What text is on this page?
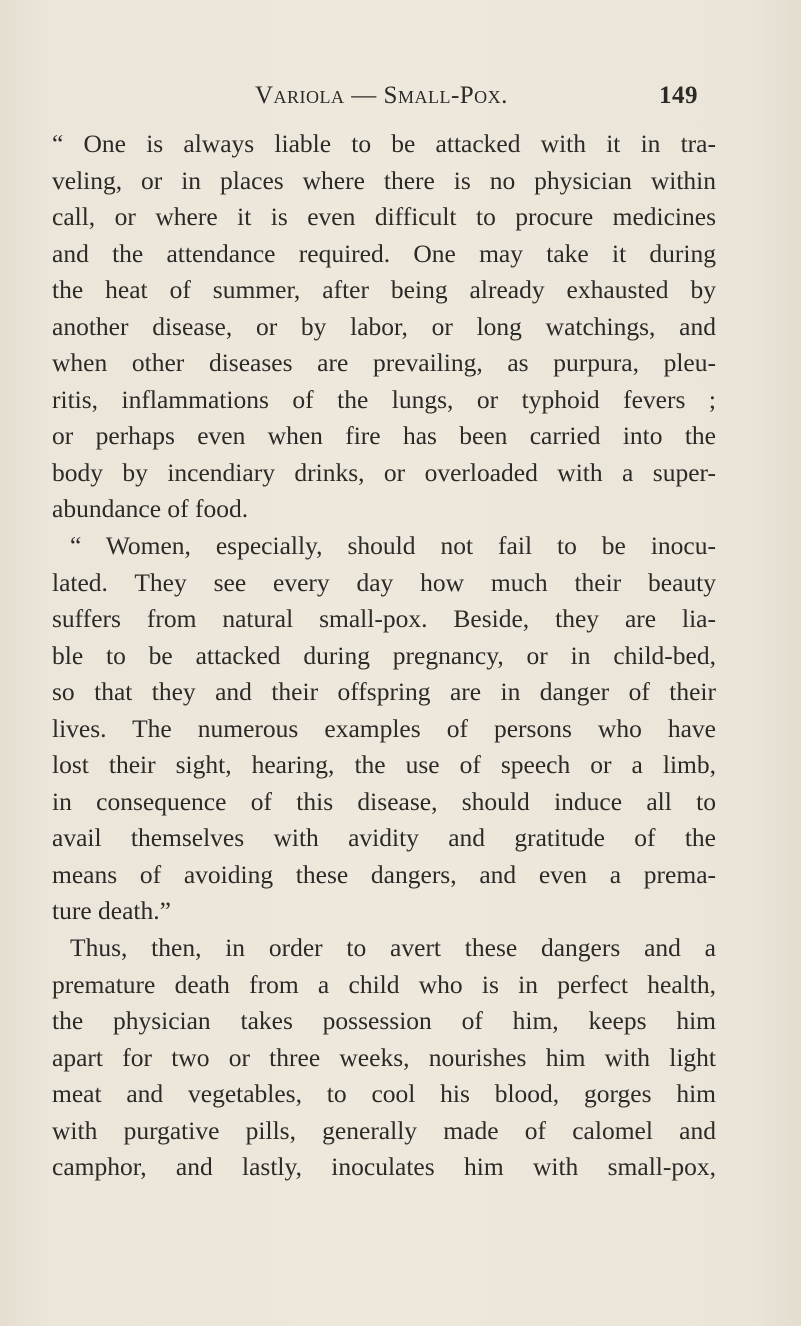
Variola — Small-Pox.	149
“ One is always liable to be attacked with it in tra-
veling, or in places where there is no physician within
call, or where it is even difficult to procure medicines
and the attendance required. One may take it during
the heat of summer, after being already exhausted by
another disease, or by labor, or long watchings, and
when other diseases are prevailing, as purpura, pleu-
ritis, inflammations of the lungs, or typhoid fevers ;
or perhaps even when fire has been carried into the
body by incendiary drinks, or overloaded with a super-
abundance of food.
“ Women, especially, should not fail to be inocu-
lated. They see every day how much their beauty
suffers from natural small-pox. Beside, they are lia-
ble to be attacked during pregnancy, or in child-bed,
so that they and their offspring are in danger of their
lives. The numerous examples of persons who have
lost their sight, hearing, the use of speech or a limb,
in consequence of this disease, should induce all to
avail themselves with avidity and gratitude of the
means of avoiding these dangers, and even a prema-
ture death.”
Thus, then, in order to avert these dangers and a
premature death from a child who is in perfect health,
the physician takes possession of him, keeps him
apart for two or three weeks, nourishes him with light
meat and vegetables, to cool his blood, gorges him
with purgative pills, generally made of calomel and
camphor, and lastly, inoculates him with small-pox,
